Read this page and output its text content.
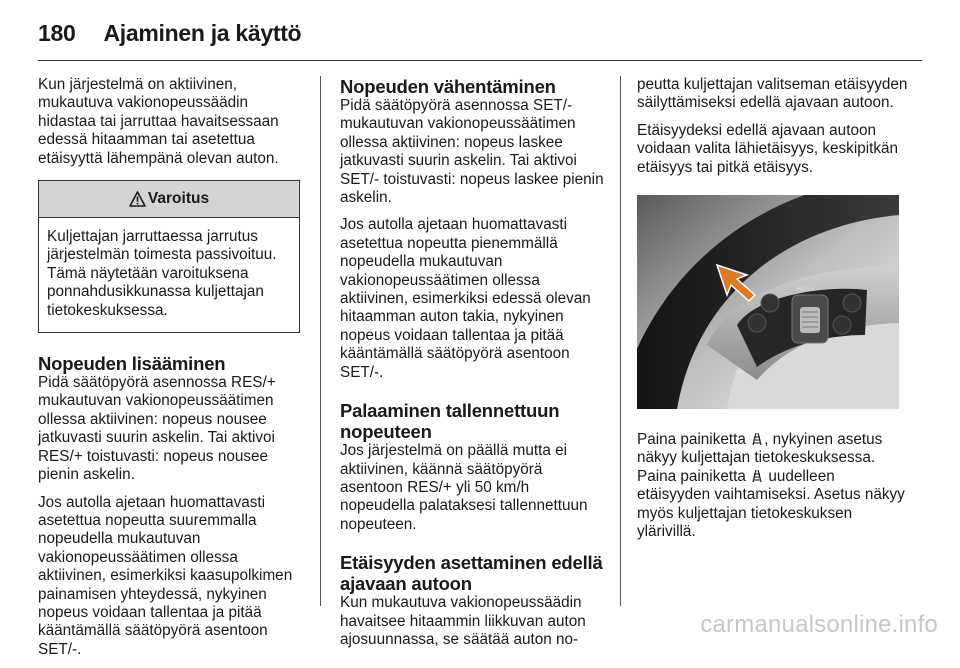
180 Ajaminen ja käyttö

Kun järjestelmä on aktiivinen, mukautuva vakionopeussäädin hidastaa tai jarruttaa havaitsessaan edessä hitaamman tai asetettua etäisyyttä lähempänä olevan auton.

Varoitus
Kuljettajan jarruttaessa jarrutus järjestelmän toimesta passivoituu. Tämä näytetään varoituksena ponnahdusikkunassa kuljettajan tietokeskuksessa.
Nopeuden lisääminen

Pidä säätöpyörä asennossa RES/+ mukautuvan vakionopeussäätimen ollessa aktiivinen: nopeus nousee jatkuvasti suurin askelin. Tai aktivoi RES/+ toistuvasti: nopeus nousee pienin askelin.

Jos autolla ajetaan huomattavasti asetettua nopeutta suuremmalla nopeudella mukautuvan vakionopeussäätimen ollessa aktiivinen, esimerkiksi kaasupolkimen painamisen yhteydessä, nykyinen nopeus voidaan tallentaa ja pitää kääntämällä säätöpyörä asentoon SET/-.

Nopeuden vähentäminen

Pidä säätöpyörä asennossa SET/- mukautuvan vakionopeussäätimen ollessa aktiivinen: nopeus laskee jatkuvasti suurin askelin. Tai aktivoi SET/- toistuvasti: nopeus laskee pienin askelin.

Jos autolla ajetaan huomattavasti asetettua nopeutta pienemmällä nopeudella mukautuvan vakionopeussäätimen ollessa aktiivinen, esimerkiksi edessä olevan hitaamman auton takia, nykyinen nopeus voidaan tallentaa ja pitää kääntämällä säätöpyörä asentoon SET/-.

Palaaminen tallennettuun nopeuteen

Jos järjestelmä on päällä mutta ei aktiivinen, käännä säätöpyörä asentoon RES/+ yli 50 km/h nopeudella palataksesi tallennettuun nopeuteen.

Etäisyyden asettaminen edellä ajavaan autoon

Kun mukautuva vakionopeussäädin havaitsee hitaammin liikkuvan auton ajosuunnassa, se säätää auton no-

peutta kuljettajan valitseman etäisyyden säilyttämiseksi edellä ajavaan autoon.

Etäisyydeksi edellä ajavaan autoon voidaan valita lähietäisyys, keskipitkän etäisyys tai pitkä etäisyys.

RES/+
SET/-

Paina painiketta , nykyinen asetus näkyy kuljettajan tietokeskuksessa. Paina painiketta uudelleen etäisyyden vaihtamiseksi. Asetus näkyy myös kuljettajan tietokeskuksen ylärivillä.

carmanualsonline.info
